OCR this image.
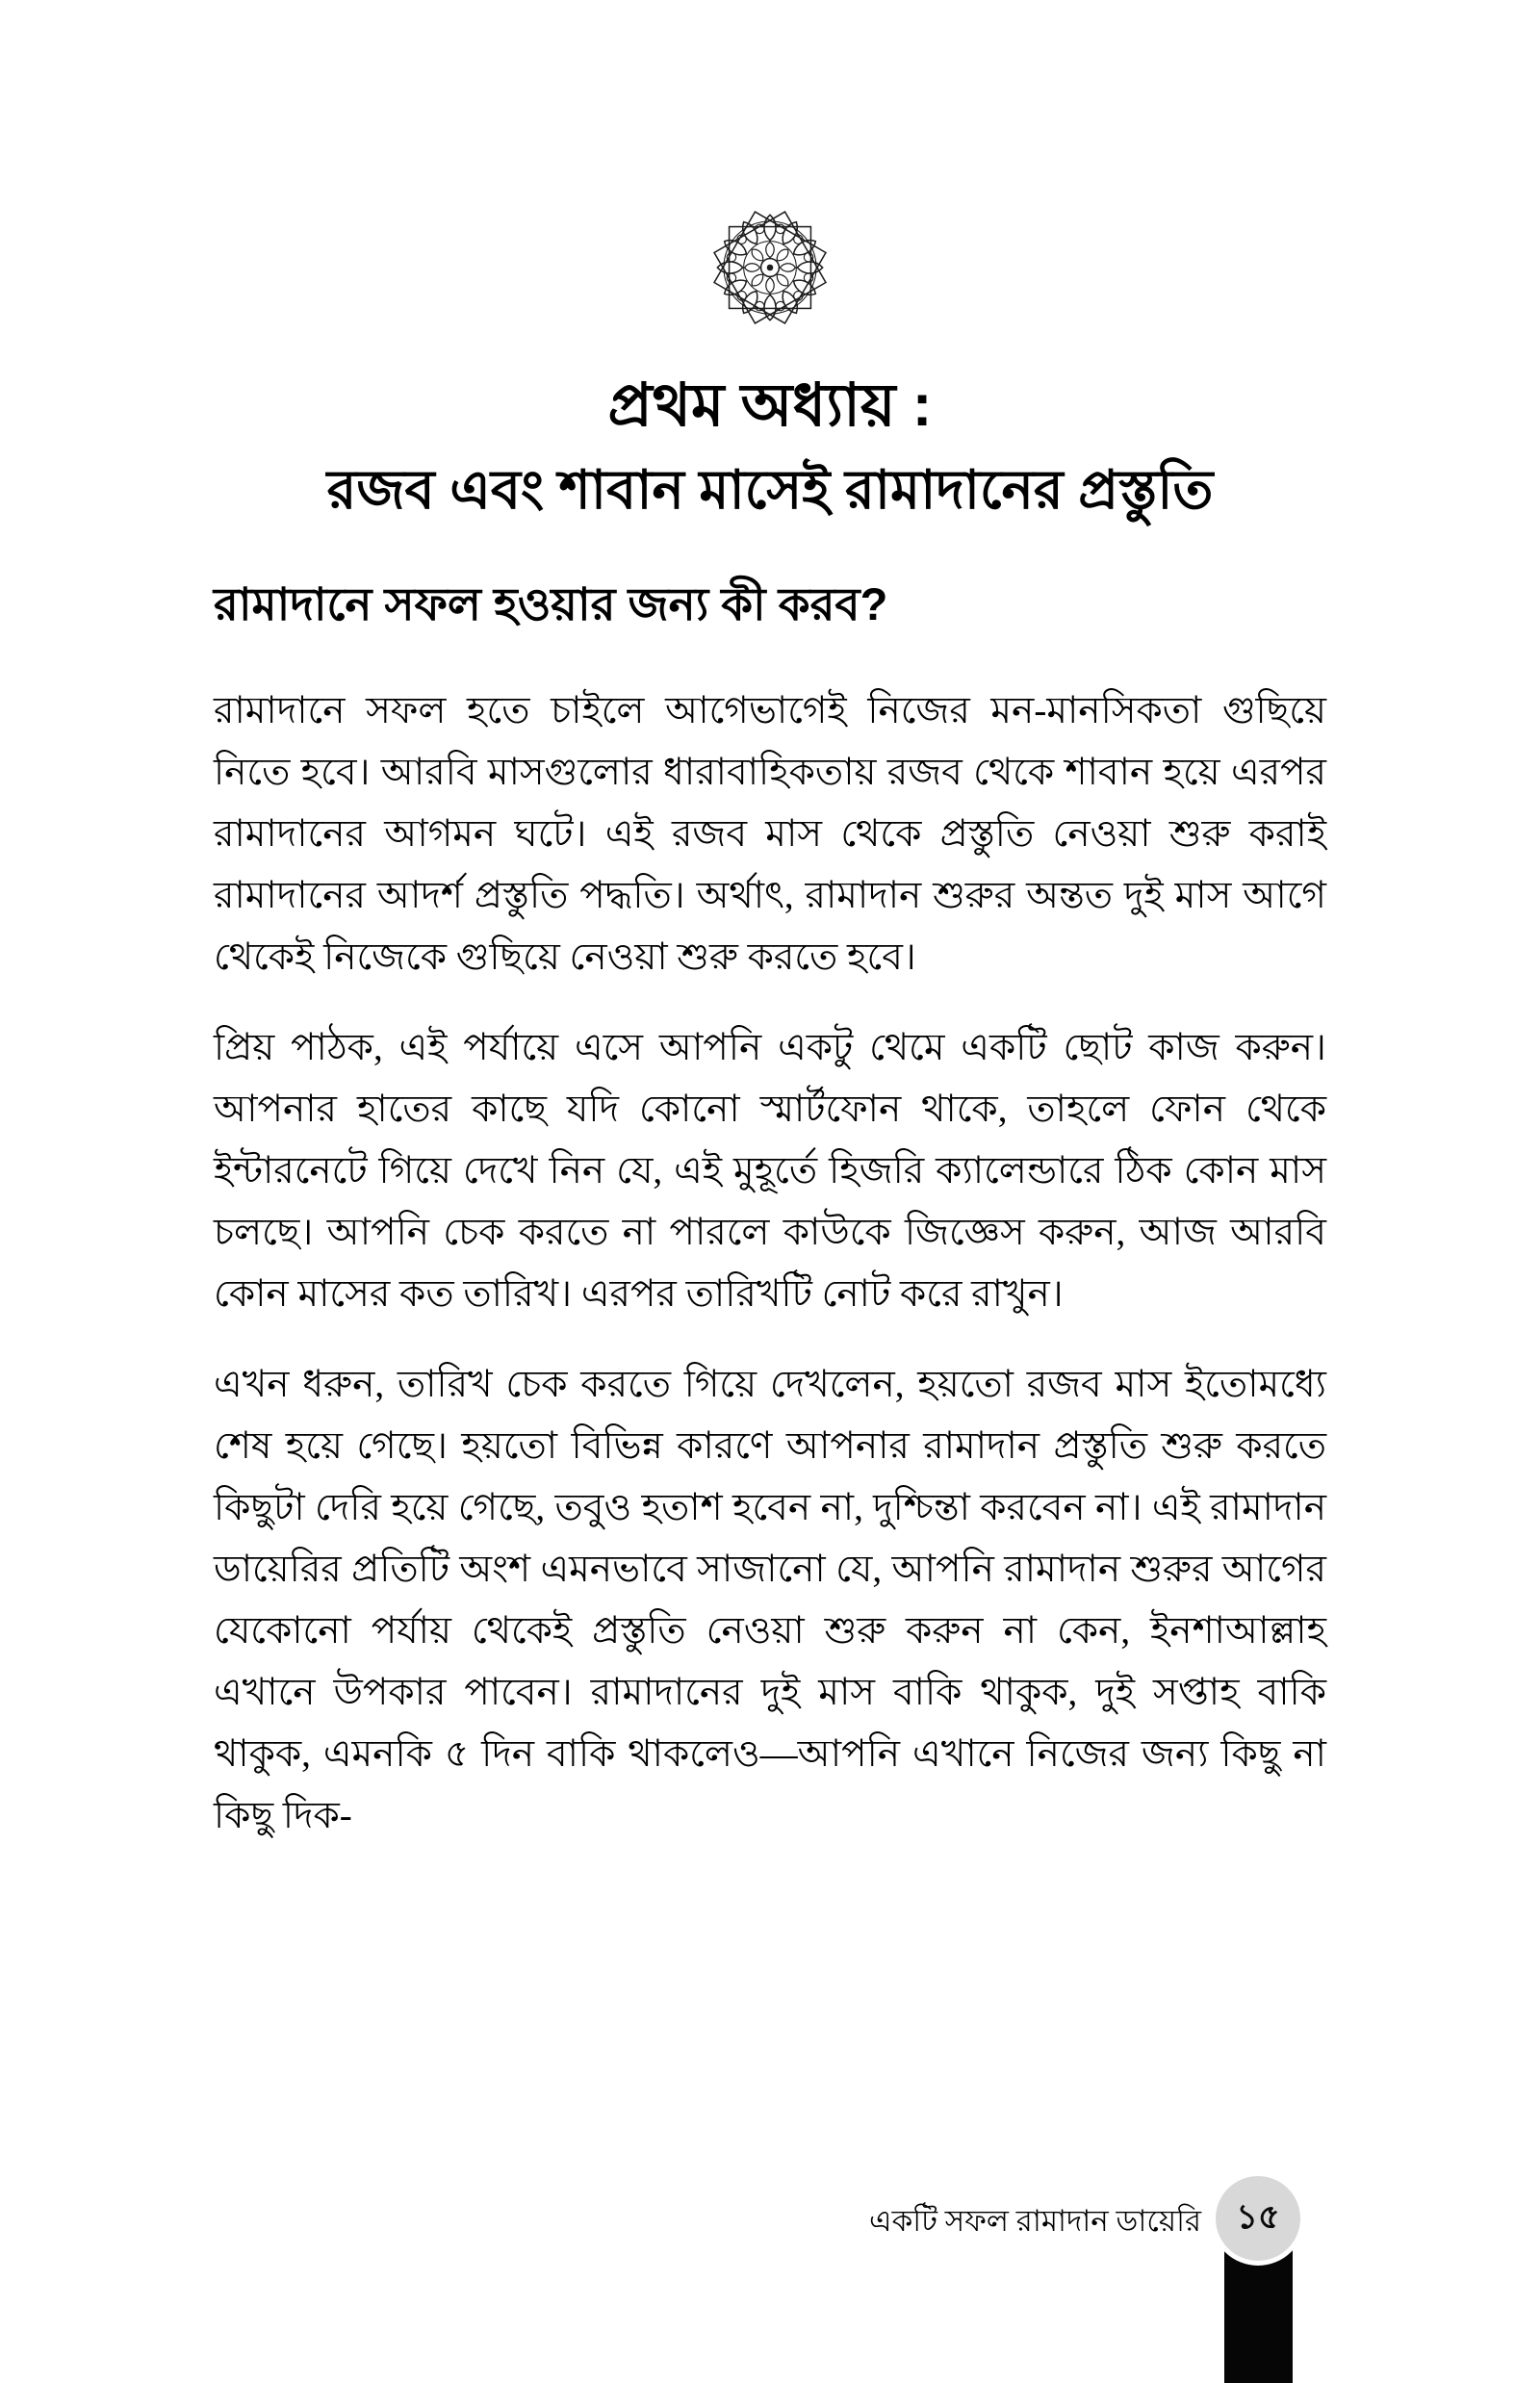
প্রথম অধ্যায় :
রজব এবং শাবান মাসেই রামাদানের প্রস্তুতি
রামাদানে সফল হওয়ার জন্য কী করব?

রামাদানে সফল হতে চাইলে আগেভাগেই নিজের মন-মানসিকতা গুছিয়ে নিতে হবে। আরবি মাসগুলোর ধারাবাহিকতায় রজব থেকে শাবান হয়ে এরপর রামাদানের আগমন ঘটে। এই রজব মাস থেকে প্রস্তুতি নেওয়া শুরু করাই রামাদানের আদর্শ প্রস্তুতি পদ্ধতি। অর্থাৎ, রামাদান শুরুর অন্তত দুই মাস আগে থেকেই নিজেকে গুছিয়ে নেওয়া শুরু করতে হবে।

প্রিয় পাঠক, এই পর্যায়ে এসে আপনি একটু থেমে একটি ছোট কাজ করুন। আপনার হাতের কাছে যদি কোনো স্মার্টফোন থাকে, তাহলে ফোন থেকে ইন্টারনেটে গিয়ে দেখে নিন যে, এই মুহূর্তে হিজরি ক্যালেন্ডারে ঠিক কোন মাস চলছে। আপনি চেক করতে না পারলে কাউকে জিজ্ঞেস করুন, আজ আরবি কোন মাসের কত তারিখ। এরপর তারিখটি নোট করে রাখুন।

এখন ধরুন, তারিখ চেক করতে গিয়ে দেখলেন, হয়তো রজব মাস ইতোমধ্যে শেষ হয়ে গেছে। হয়তো বিভিন্ন কারণে আপনার রামাদান প্রস্তুতি শুরু করতে কিছুটা দেরি হয়ে গেছে, তবুও হতাশ হবেন না, দুশ্চিন্তা করবেন না। এই রামাদান ডায়েরির প্রতিটি অংশ এমনভাবে সাজানো যে, আপনি রামাদান শুরুর আগের যেকোনো পর্যায় থেকেই প্রস্তুতি নেওয়া শুরু করুন না কেন, ইনশাআল্লাহ এখানে উপকার পাবেন। রামাদানের দুই মাস বাকি থাকুক, দুই সপ্তাহ বাকি থাকুক, এমনকি ৫ দিন বাকি থাকলেও—আপনি এখানে নিজের জন্য কিছু না কিছু দিক-

একটি সফল রামাদান ডায়েরি ১৫
